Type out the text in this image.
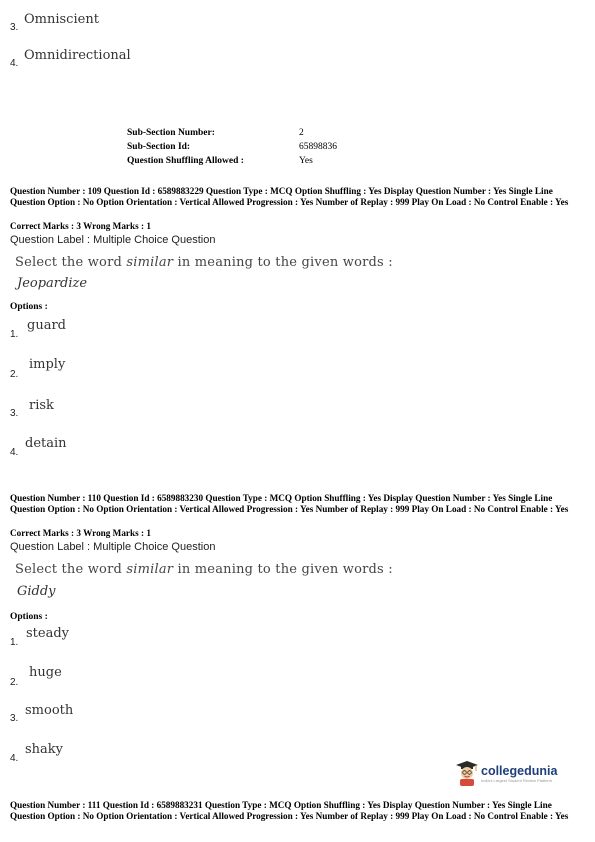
3.
Omniscient
4.
Omnidirectional
Sub-Section Number:	2
Sub-Section Id:	65898836
Question Shuffling Allowed :	Yes
Question Number : 109 Question Id : 6589883229 Question Type : MCQ Option Shuffling : Yes Display Question Number : Yes Single Line Question Option : No Option Orientation : Vertical Allowed Progression : Yes Number of Replay : 999 Play On Load : No Control Enable : Yes
Correct Marks : 3 Wrong Marks : 1
Question Label : Multiple Choice Question
Select the word similar in meaning to the given words :
Jeopardize
Options :
1.
guard
2.
imply
3.
risk
4.
detain
Question Number : 110 Question Id : 6589883230 Question Type : MCQ Option Shuffling : Yes Display Question Number : Yes Single Line Question Option : No Option Orientation : Vertical Allowed Progression : Yes Number of Replay : 999 Play On Load : No Control Enable : Yes
Correct Marks : 3 Wrong Marks : 1
Question Label : Multiple Choice Question
Select the word similar in meaning to the given words :
Giddy
Options :
1.
steady
2.
huge
3.
smooth
4.
shaky
collegedunia
India's Largest Student Review Platform
Question Number : 111 Question Id : 6589883231 Question Type : MCQ Option Shuffling : Yes Display Question Number : Yes Single Line Question Option : No Option Orientation : Vertical Allowed Progression : Yes Number of Replay : 999 Play On Load : No Control Enable : Yes
